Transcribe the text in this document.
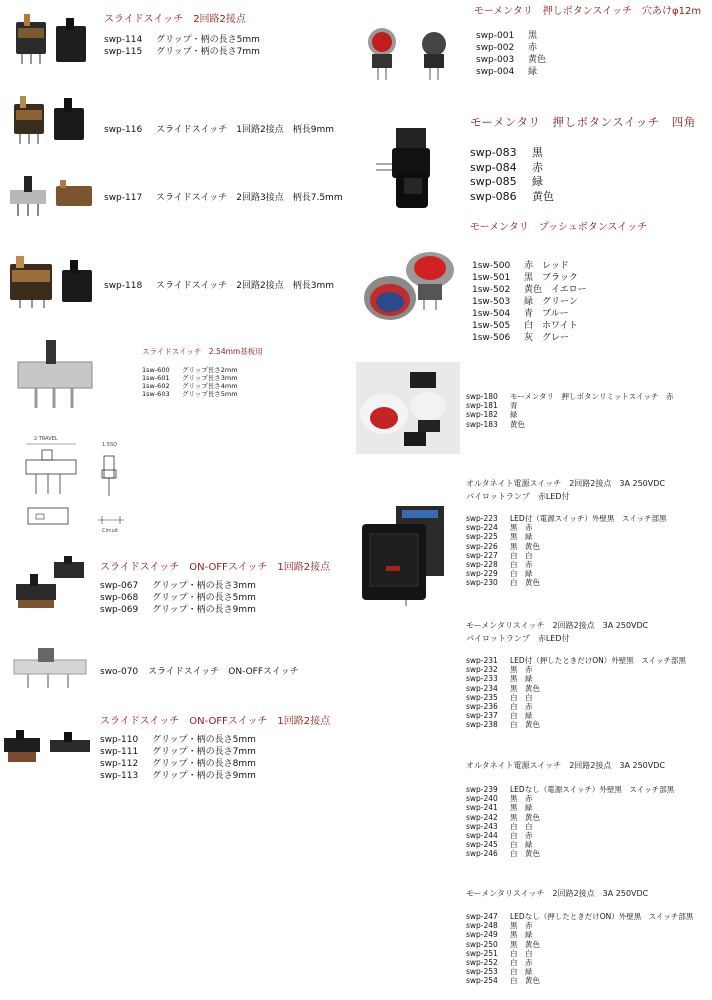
スライドスイッチ　2回路2接点
swp-114 グリップ・柄の長さ5mm
swp-115 グリップ・柄の長さ7mm
swp-116 スライドスイッチ　1回路2接点　柄長9mm
swp-117 スライドスイッチ　2回路3接点　柄長7.5mm
swp-118 スライドスイッチ　2回路2接点　柄長3mm
スライドスイッチ　2.54mm基板用
1sw-600 グリップ長さ2mm
1sw-601 グリップ長さ3mm
1sw-602 グリップ長さ4mm
1sw-603 グリップ長さ5mm
2 TRAVEL
1.5SQ
Circuit
スライドスイッチ　ON-OFFスイッチ　1回路2接点
swp-067 グリップ・柄の長さ3mm
swp-068 グリップ・柄の長さ5mm
swp-069 グリップ・柄の長さ9mm
swo-070 スライドスイッチ　ON-OFFスイッチ
スライドスイッチ　ON-OFFスイッチ　1回路2接点
swp-110 グリップ・柄の長さ5mm
swp-111 グリップ・柄の長さ7mm
swp-112 グリップ・柄の長さ8mm
swp-113 グリップ・柄の長さ9mm
モーメンタリ　押しボタンスイッチ　穴あけφ12m
swp-001 黒
swp-002 赤
swp-003 黄色
swp-004 緑
モーメンタリ　押しボタンスイッチ　四角
swp-083 黒
swp-084 赤
swp-085 緑
swp-086 黄色
モーメンタリ　プッシュボタンスイッチ
1sw-500 赤　レッド
1sw-501 黒　ブラック
1sw-502 黄色　イエロー
1sw-503 緑　グリーン
1sw-504 青　ブルー
1sw-505 白　ホワイト
1sw-506 灰　グレー
swp-180 モーメンタリ　押しボタンリミットスイッチ　赤
swp-181 青
swp-182 緑
swp-183 黄色
オルタネイト電源スイッチ　2回路2接点　3A 250VDC
パイロットランプ　赤LED付
swp-223 LED付（電源スイッチ）外壁黒　スイッチ部黒
swp-224 黒　赤
swp-225 黒　緑
swp-226 黒　黄色
swp-227 白　白
swp-228 白　赤
swp-229 白　緑
swp-230 白　黄色
モーメンタリスイッチ　2回路2接点　3A 250VDC
パイロットランプ　赤LED付
swp-231 LED付（押したときだけON）外壁黒　スイッチ部黒
swp-232 黒　赤
swp-233 黒　緑
swp-234 黒　黄色
swp-235 白　白
swp-236 白　赤
swp-237 白　緑
swp-238 白　黄色
オルタネイト電源スイッチ　2回路2接点　3A 250VDC
swp-239 LEDなし（電源スイッチ）外壁黒　スイッチ部黒
swp-240 黒　赤
swp-241 黒　緑
swp-242 黒　黄色
swp-243 白　白
swp-244 白　赤
swp-245 白　緑
swp-246 白　黄色
モーメンタリスイッチ　2回路2接点　3A 250VDC
swp-247 LEDなし（押したときだけON）外壁黒　スイッチ部黒
swp-248 黒　赤
swp-249 黒　緑
swp-250 黒　黄色
swp-251 白　白
swp-252 白　赤
swp-253 白　緑
swp-254 白　黄色
